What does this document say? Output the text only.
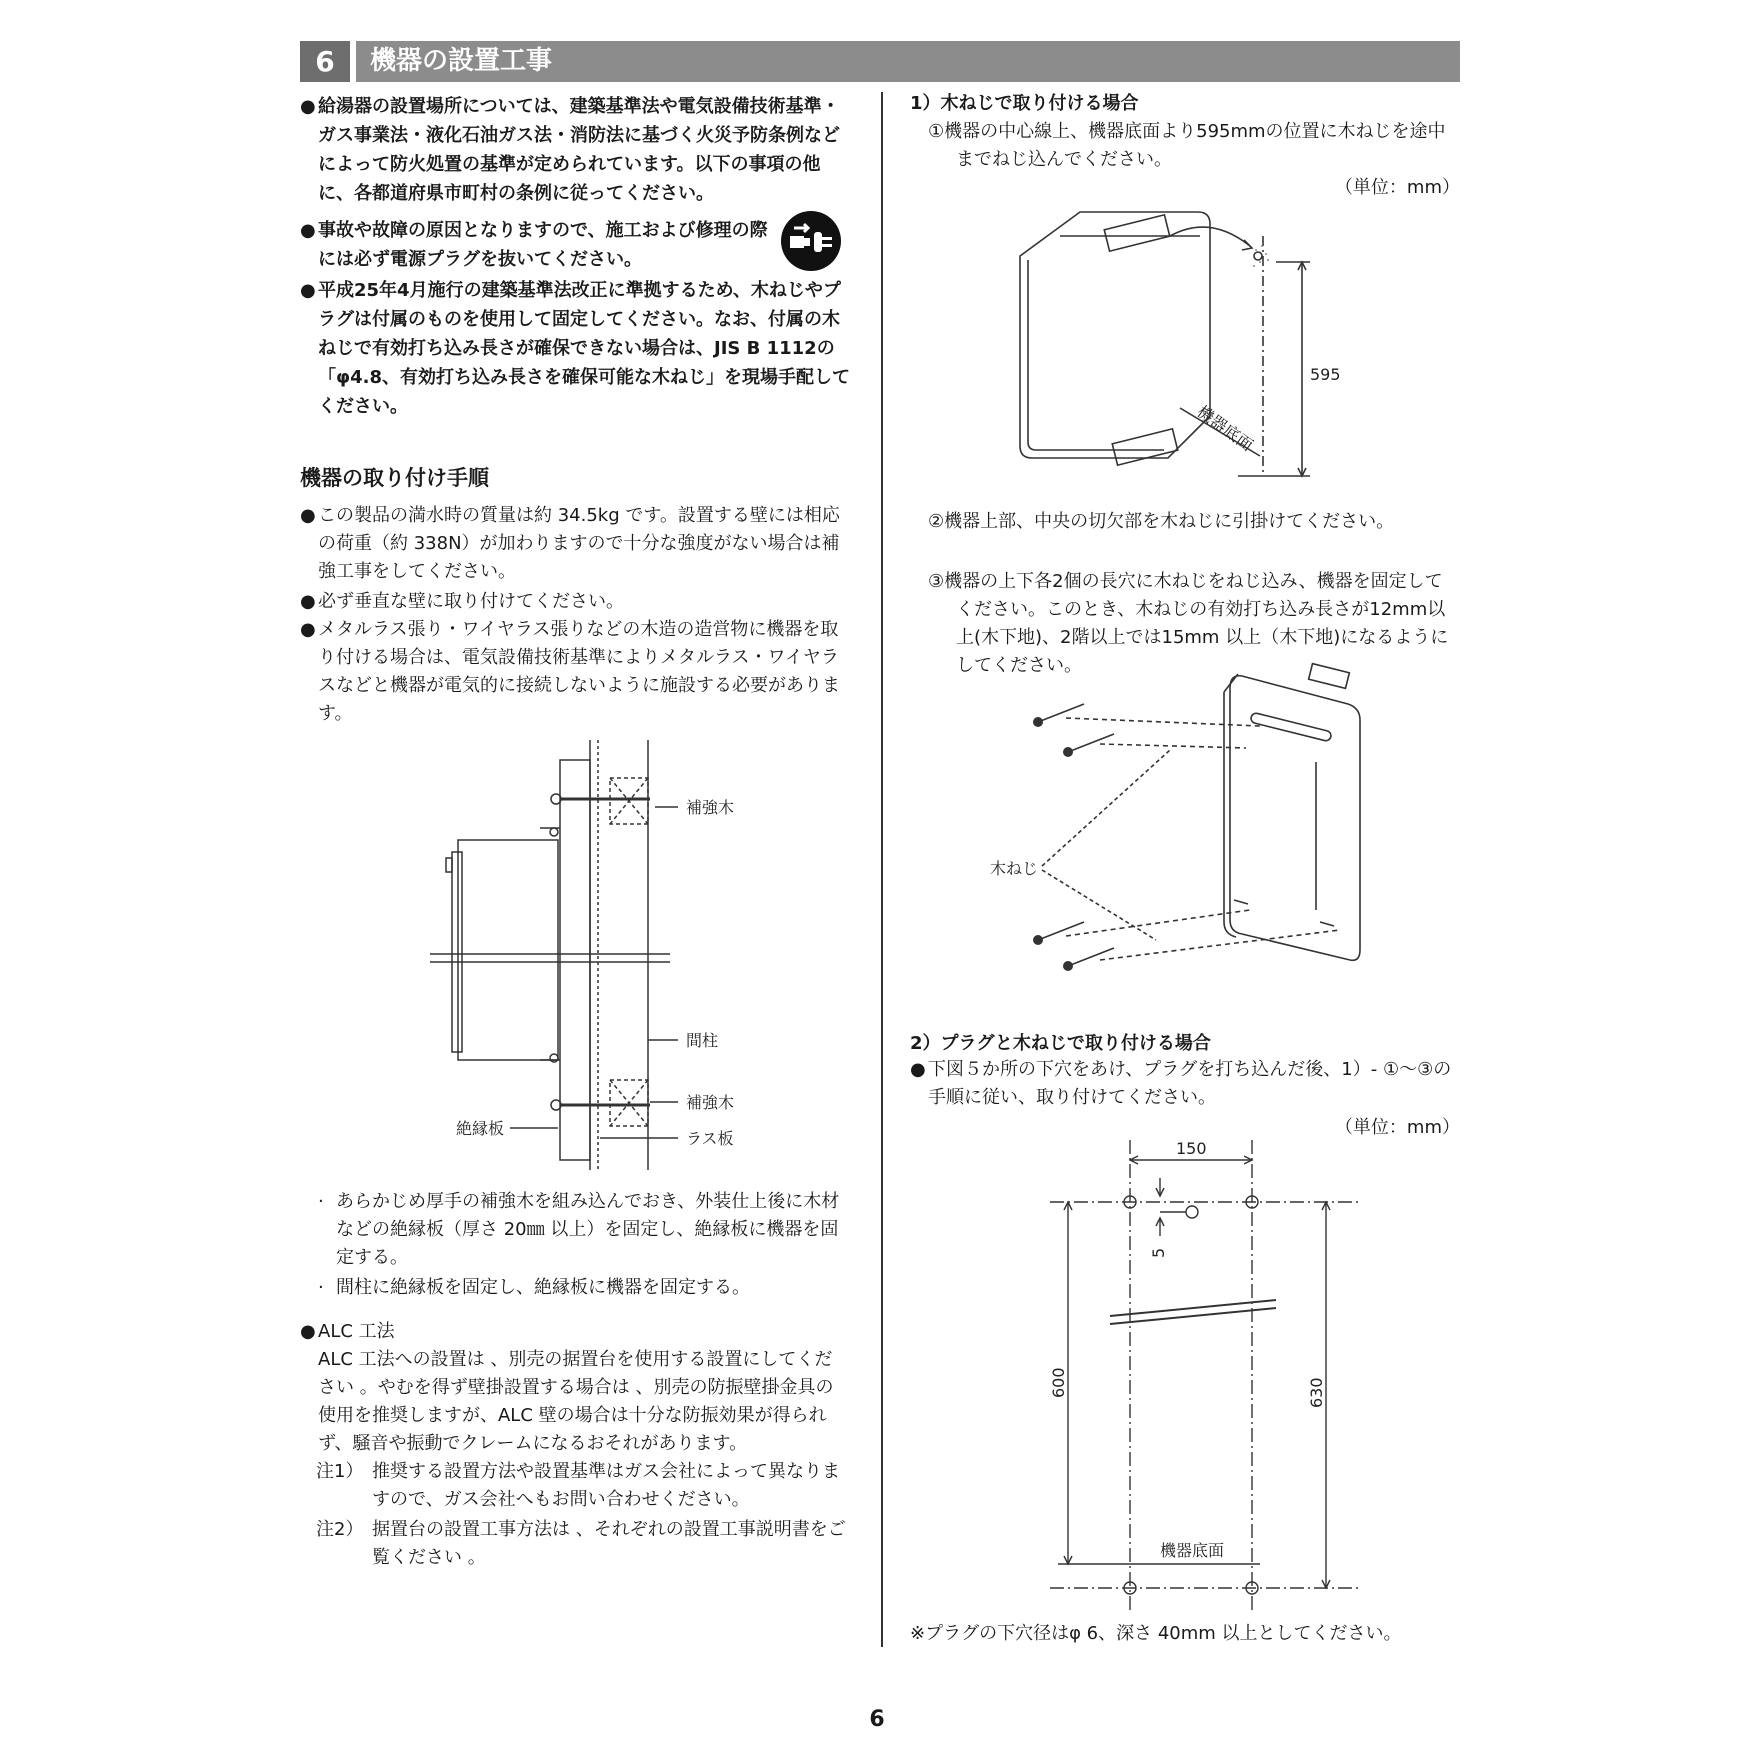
6	機器の設置工事
● 給湯器の設置場所については、建築基準法や電気設備技術基準・ガス事業法・液化石油ガス法・消防法に基づく火災予防条例などによって防火処置の基準が定められています。以下の事項の他に、各都道府県市町村の条例に従ってください。
● 事故や故障の原因となりますので、施工および修理の際には必ず電源プラグを抜いてください。
● 平成25年4月施行の建築基準法改正に準拠するため、木ねじやプラグは付属のものを使用して固定してください。なお、付属の木ねじで有効打ち込み長さが確保できない場合は、JIS B 1112の「φ4.8、有効打ち込み長さを確保可能な木ねじ」を現場手配してください。
機器の取り付け手順
● この製品の満水時の質量は約 34.5kg です。設置する壁には相応の荷重（約 338N）が加わりますので十分な強度がない場合は補強工事をしてください。
● 必ず垂直な壁に取り付けてください。
● メタルラス張り・ワイヤラス張りなどの木造の造営物に機器を取り付ける場合は、電気設備技術基準によりメタルラス・ワイヤラスなどと機器が電気的に接続しないように施設する必要があります。
補強木
間柱
補強木
絶縁板
ラス板
· あらかじめ厚手の補強木を組み込んでおき、外装仕上後に木材などの絶縁板（厚さ 20㎜ 以上）を固定し、絶縁板に機器を固定する。
· 間柱に絶縁板を固定し、絶縁板に機器を固定する。
● ALC 工法
ALC 工法への設置は 、別売の据置台を使用する設置にしてください 。やむを得ず壁掛設置する場合は 、別売の防振壁掛金具の使用を推奨しますが、ALC 壁の場合は十分な防振効果が得られず、騒音や振動でクレームになるおそれがあります。
注1） 推奨する設置方法や設置基準はガス会社によって異なりますので、ガス会社へもお問い合わせください。
注2） 据置台の設置工事方法は 、それぞれの設置工事説明書をご覧ください 。
1）木ねじで取り付ける場合
①機器の中心線上、機器底面より595mmの位置に木ねじを途中までねじ込んでください。
（単位：mm）
595
機器底面
②機器上部、中央の切欠部を木ねじに引掛けてください。
③機器の上下各2個の長穴に木ねじをねじ込み、機器を固定してください。このとき、木ねじの有効打ち込み長さが12mm以上(木下地)、2階以上では15mm 以上（木下地)になるようにしてください。
木ねじ
2）プラグと木ねじで取り付ける場合
● 下図５か所の下穴をあけ、プラグを打ち込んだ後、1）- ①～③の手順に従い、取り付けてください。
（単位：mm）
150
5
600	630
機器底面
※プラグの下穴径はφ 6、深さ 40mm 以上としてください。
6
